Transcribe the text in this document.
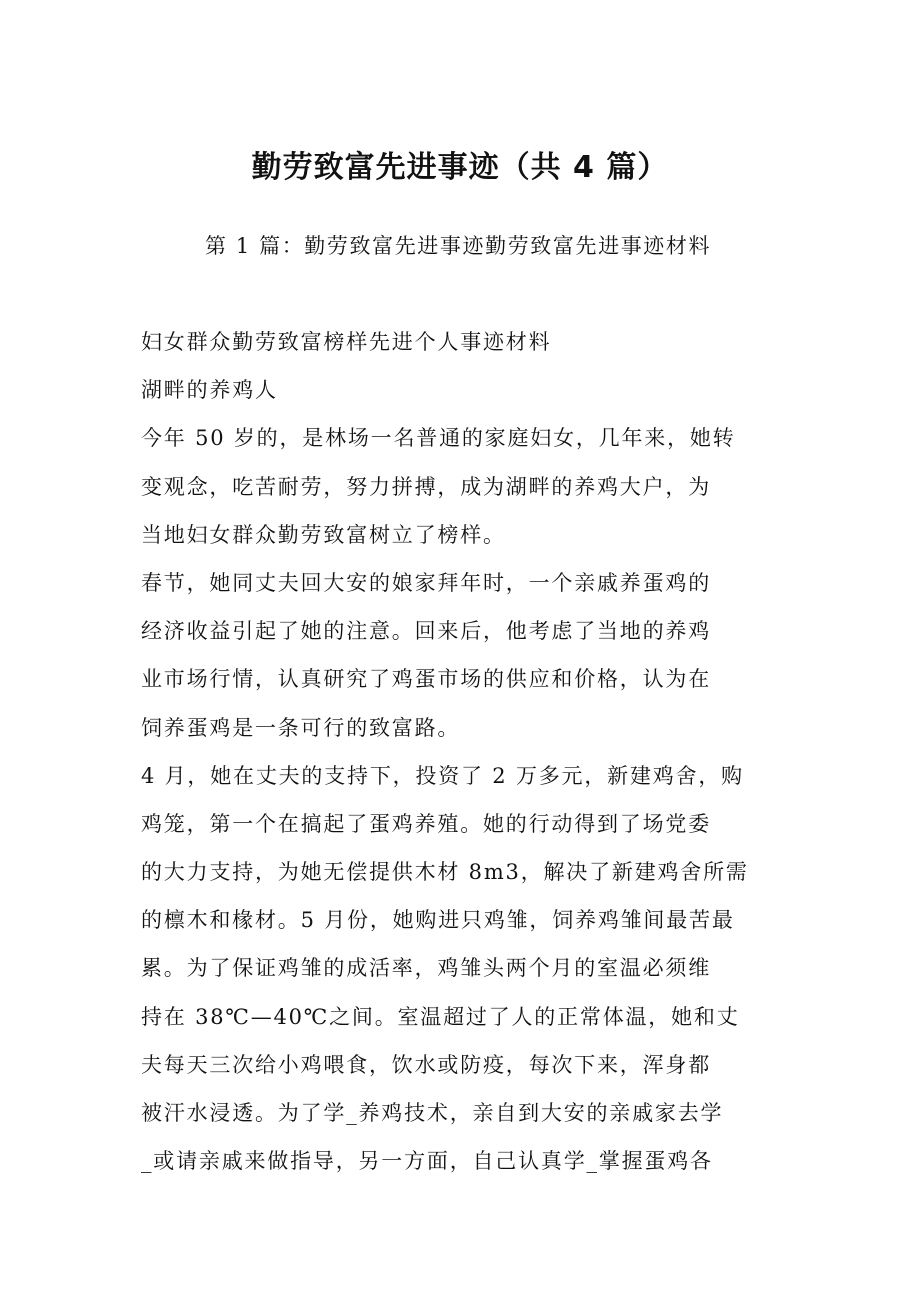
勤劳致富先进事迹（共 4 篇）

第 1 篇：勤劳致富先进事迹勤劳致富先进事迹材料

妇女群众勤劳致富榜样先进个人事迹材料

湖畔的养鸡人

今年 50 岁的，是林场一名普通的家庭妇女，几年来，她转

变观念，吃苦耐劳，努力拼搏，成为湖畔的养鸡大户，为

当地妇女群众勤劳致富树立了榜样。

春节，她同丈夫回大安的娘家拜年时，一个亲戚养蛋鸡的

经济收益引起了她的注意。回来后，他考虑了当地的养鸡

业市场行情，认真研究了鸡蛋市场的供应和价格，认为在

饲养蛋鸡是一条可行的致富路。

4 月，她在丈夫的支持下，投资了 2 万多元，新建鸡舍，购

鸡笼，第一个在搞起了蛋鸡养殖。她的行动得到了场党委

的大力支持，为她无偿提供木材 8m3，解决了新建鸡舍所需

的檩木和椽材。5 月份，她购进只鸡雏，饲养鸡雏间最苦最

累。为了保证鸡雏的成活率，鸡雏头两个月的室温必须维

持在 38℃—40℃之间。室温超过了人的正常体温，她和丈

夫每天三次给小鸡喂食，饮水或防疫，每次下来，浑身都

被汗水浸透。为了学_养鸡技术，亲自到大安的亲戚家去学

_或请亲戚来做指导，另一方面，自己认真学_掌握蛋鸡各
